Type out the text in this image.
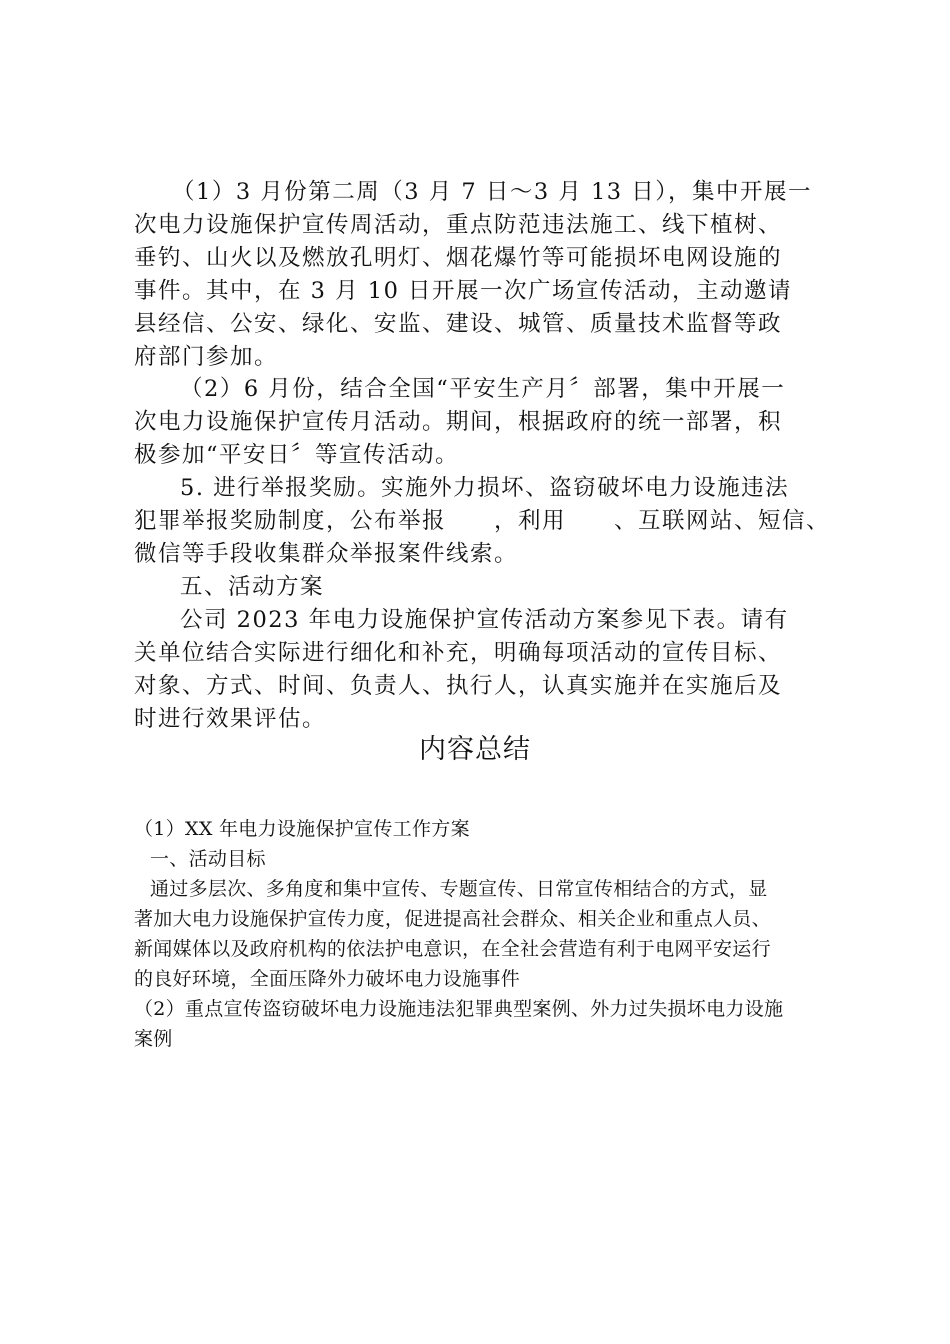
（1）3 月份第二周（3 月 7 日～3 月 13 日），集中开展一
次电力设施保护宣传周活动，重点防范违法施工、线下植树、
垂钓、山火以及燃放孔明灯、烟花爆竹等可能损坏电网设施的
事件。其中，在 3 月 10 日开展一次广场宣传活动，主动邀请
县经信、公安、绿化、安监、建设、城管、质量技术监督等政
府部门参加。
（2）6 月份，结合全国“平安生产月〞部署，集中开展一
次电力设施保护宣传月活动。期间，根据政府的统一部署，积
极参加“平安日〞等宣传活动。
5. 进行举报奖励。实施外力损坏、盗窃破坏电力设施违法
犯罪举报奖励制度，公布举报　　，利用　　、互联网站、短信、
微信等手段收集群众举报案件线索。
五、活动方案
公司 2023 年电力设施保护宣传活动方案参见下表。请有
关单位结合实际进行细化和补充，明确每项活动的宣传目标、
对象、方式、时间、负责人、执行人，认真实施并在实施后及
时进行效果评估。
内容总结
（1）XX 年电力设施保护宣传工作方案
一、活动目标
通过多层次、多角度和集中宣传、专题宣传、日常宣传相结合的方式，显
著加大电力设施保护宣传力度，促进提高社会群众、相关企业和重点人员、
新闻媒体以及政府机构的依法护电意识，在全社会营造有利于电网平安运行
的良好环境，全面压降外力破坏电力设施事件
（2）重点宣传盗窃破坏电力设施违法犯罪典型案例、外力过失损坏电力设施
案例
